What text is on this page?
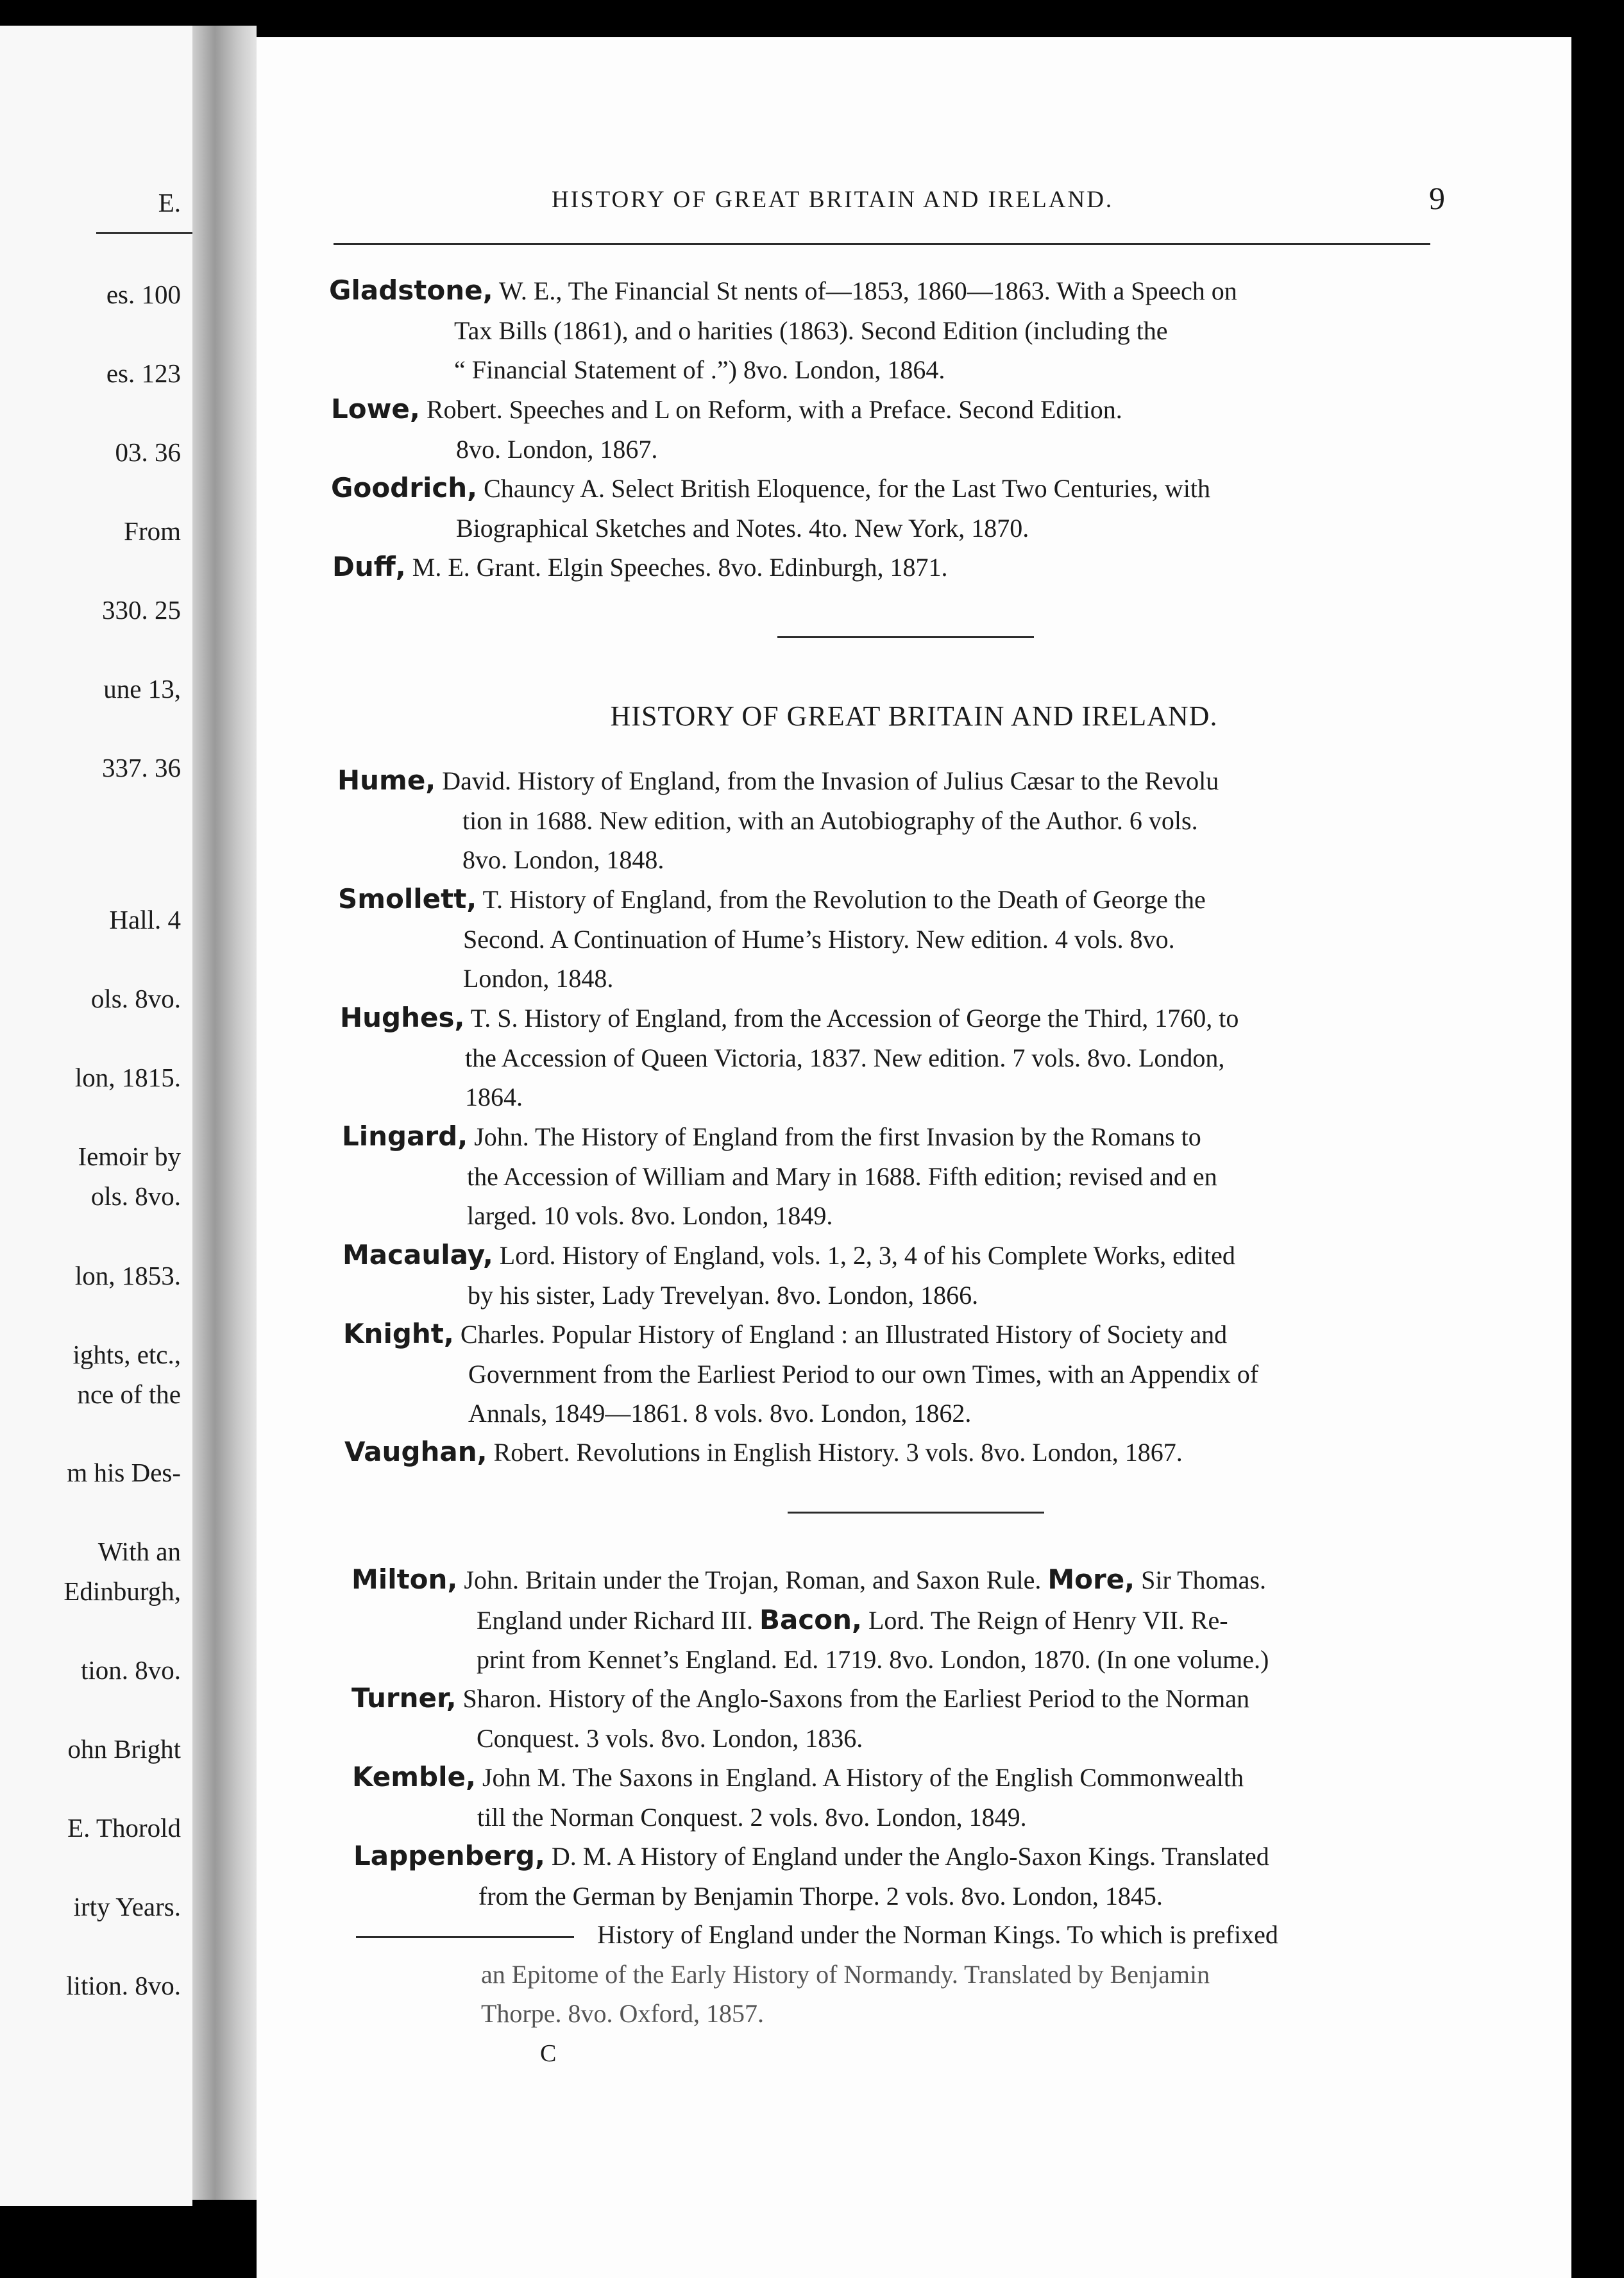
E.
es. 100
es. 123
03. 36
From
330. 25
une 13,
337. 36
Hall. 4
ols. 8vo.
lon, 1815.
Iemoir by
ols. 8vo.
lon, 1853.
ights, etc.,
nce of the
m his Des-
With an
Edinburgh,
tion. 8vo.
ohn Bright
E. Thorold
irty Years.
lition. 8vo.
HISTORY OF GREAT BRITAIN AND IRELAND.	9
Gladstone, W. E., The Financial St nents of—1853, 1860—1863. With a Speech on
Tax Bills (1861), and o harities (1863). Second Edition (including the
“ Financial Statement of .”) 8vo. London, 1864.
Lowe, Robert. Speeches and L on Reform, with a Preface. Second Edition.
8vo. London, 1867.
Goodrich, Chauncy A. Select British Eloquence, for the Last Two Centuries, with
Biographical Sketches and Notes. 4to. New York, 1870.
Duff, M. E. Grant. Elgin Speeches. 8vo. Edinburgh, 1871.
HISTORY OF GREAT BRITAIN AND IRELAND.
Hume, David. History of England, from the Invasion of Julius Cæsar to the Revolu
tion in 1688. New edition, with an Autobiography of the Author. 6 vols.
8vo. London, 1848.
Smollett, T. History of England, from the Revolution to the Death of George the
Second. A Continuation of Hume’s History. New edition. 4 vols. 8vo.
London, 1848.
Hughes, T. S. History of England, from the Accession of George the Third, 1760, to
the Accession of Queen Victoria, 1837. New edition. 7 vols. 8vo. London,
1864.
Lingard, John. The History of England from the first Invasion by the Romans to
the Accession of William and Mary in 1688. Fifth edition; revised and en
larged. 10 vols. 8vo. London, 1849.
Macaulay, Lord. History of England, vols. 1, 2, 3, 4 of his Complete Works, edited
by his sister, Lady Trevelyan. 8vo. London, 1866.
Knight, Charles. Popular History of England : an Illustrated History of Society and
Government from the Earliest Period to our own Times, with an Appendix of
Annals, 1849—1861. 8 vols. 8vo. London, 1862.
Vaughan, Robert. Revolutions in English History. 3 vols. 8vo. London, 1867.
Milton, John. Britain under the Trojan, Roman, and Saxon Rule. More, Sir Thomas.
England under Richard III. Bacon, Lord. The Reign of Henry VII. Re-
print from Kennet’s England. Ed. 1719. 8vo. London, 1870. (In one volume.)
Turner, Sharon. History of the Anglo-Saxons from the Earliest Period to the Norman
Conquest. 3 vols. 8vo. London, 1836.
Kemble, John M. The Saxons in England. A History of the English Commonwealth
till the Norman Conquest. 2 vols. 8vo. London, 1849.
Lappenberg, D. M. A History of England under the Anglo-Saxon Kings. Translated
from the German by Benjamin Thorpe. 2 vols. 8vo. London, 1845.
History of England under the Norman Kings. To which is prefixed
an Epitome of the Early History of Normandy. Translated by Benjamin
Thorpe. 8vo. Oxford, 1857.
C
